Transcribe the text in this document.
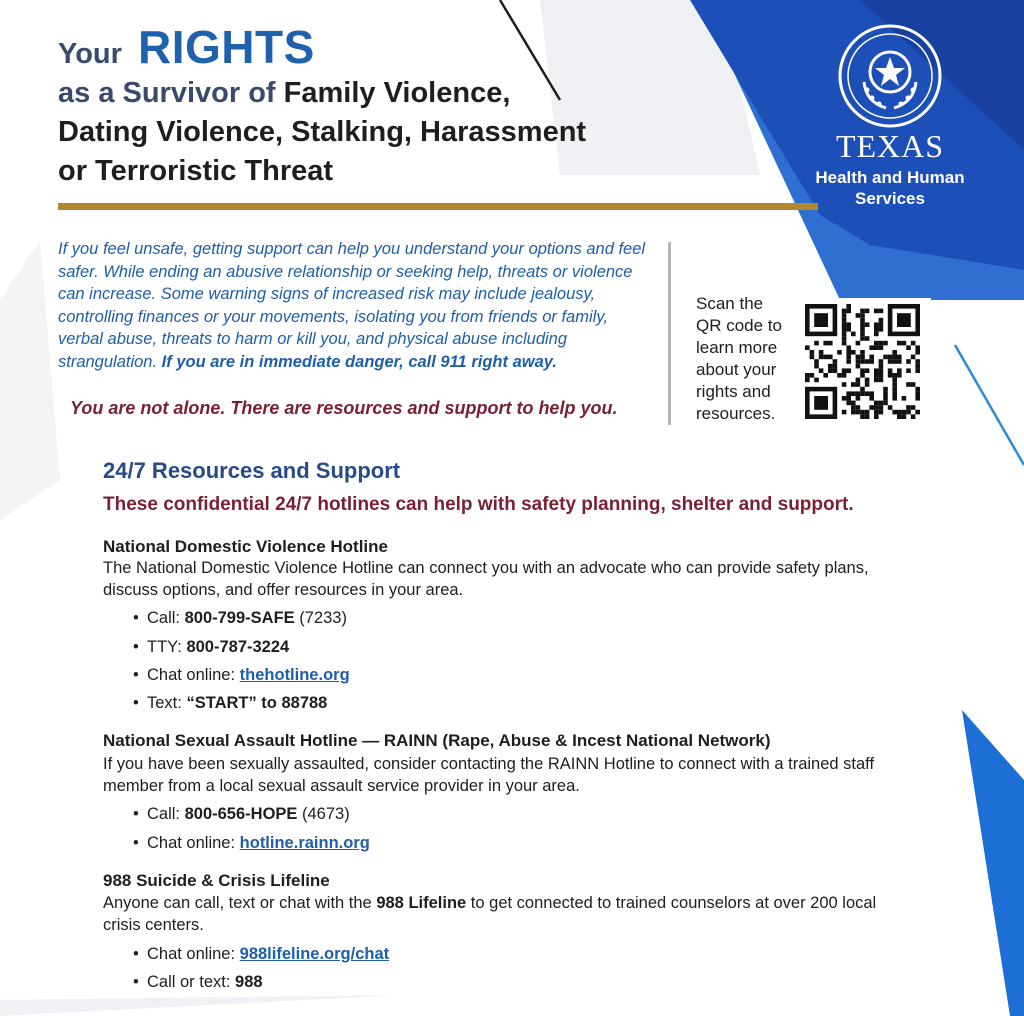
TEXAS
Health and Human
Services
Your RIGHTS
as a Survivor of Family Violence,
Dating Violence, Stalking, Harassment
or Terroristic Threat
If you feel unsafe, getting support can help you understand your options and feel safer. While ending an abusive relationship or seeking help, threats or violence can increase. Some warning signs of increased risk may include jealousy, controlling finances or your movements, isolating you from friends or family, verbal abuse, threats to harm or kill you, and physical abuse including strangulation. If you are in immediate danger, call 911 right away.
You are not alone. There are resources and support to help you.
Scan the
QR code to
learn more
about your
rights and
resources.
24/7 Resources and Support
These confidential 24/7 hotlines can help with safety planning, shelter and support.
National Domestic Violence Hotline
The National Domestic Violence Hotline can connect you with an advocate who can provide safety plans, discuss options, and offer resources in your area.
• Call: 800-799-SAFE (7233)
• TTY: 800-787-3224
• Chat online: thehotline.org
• Text: “START” to 88788
National Sexual Assault Hotline — RAINN (Rape, Abuse & Incest National Network)
If you have been sexually assaulted, consider contacting the RAINN Hotline to connect with a trained staff member from a local sexual assault service provider in your area.
• Call: 800-656-HOPE (4673)
• Chat online: hotline.rainn.org
988 Suicide & Crisis Lifeline
Anyone can call, text or chat with the 988 Lifeline to get connected to trained counselors at over 200 local crisis centers.
• Chat online: 988lifeline.org/chat
• Call or text: 988
